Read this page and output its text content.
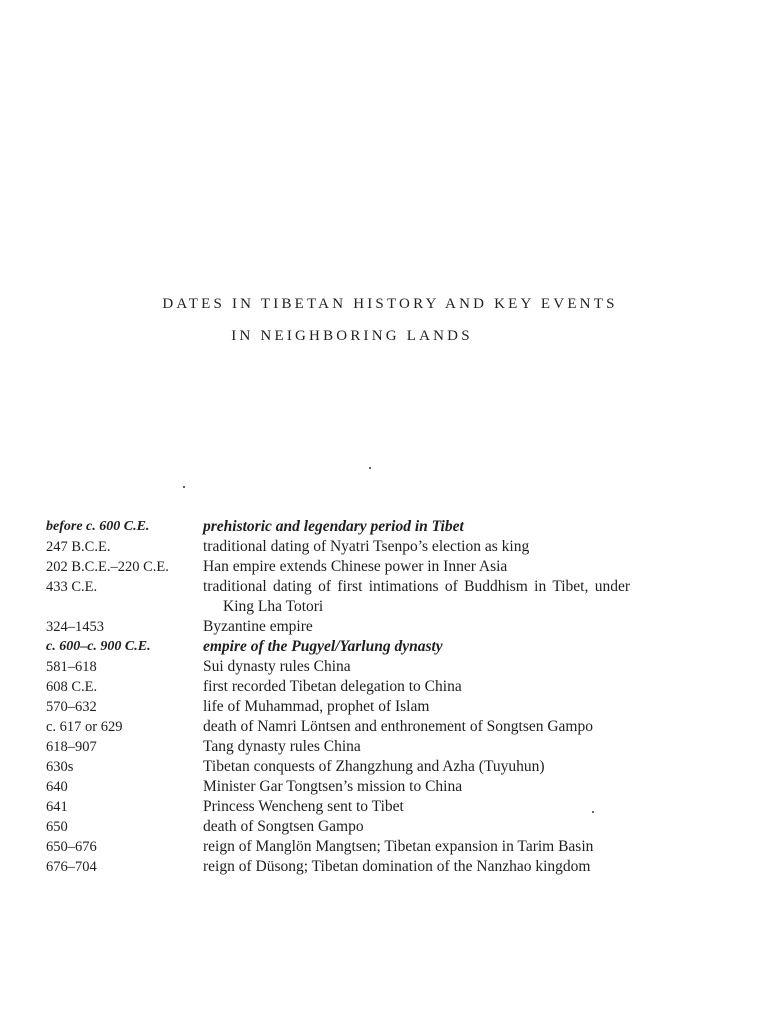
DATES IN TIBETAN HISTORY AND KEY EVENTS
IN NEIGHBORING LANDS
before c. 600 C.E.	prehistoric and legendary period in Tibet
247 B.C.E.	traditional dating of Nyatri Tsenpo’s election as king
202 B.C.E.–220 C.E.	Han empire extends Chinese power in Inner Asia
433 C.E.	traditional dating of first intimations of Buddhism in Tibet, under King Lha Totori
324–1453	Byzantine empire
c. 600–c. 900 C.E.	empire of the Pugyel/Yarlung dynasty
581–618	Sui dynasty rules China
608 C.E.	first recorded Tibetan delegation to China
570–632	life of Muhammad, prophet of Islam
c. 617 or 629	death of Namri Löntsen and enthronement of Songtsen Gampo
618–907	Tang dynasty rules China
630s	Tibetan conquests of Zhangzhung and Azha (Tuyuhun)
640	Minister Gar Tongtsen’s mission to China
641	Princess Wencheng sent to Tibet
650	death of Songtsen Gampo
650–676	reign of Manglön Mangtsen; Tibetan expansion in Tarim Basin
676–704	reign of Düsong; Tibetan domination of the Nanzhao kingdom
